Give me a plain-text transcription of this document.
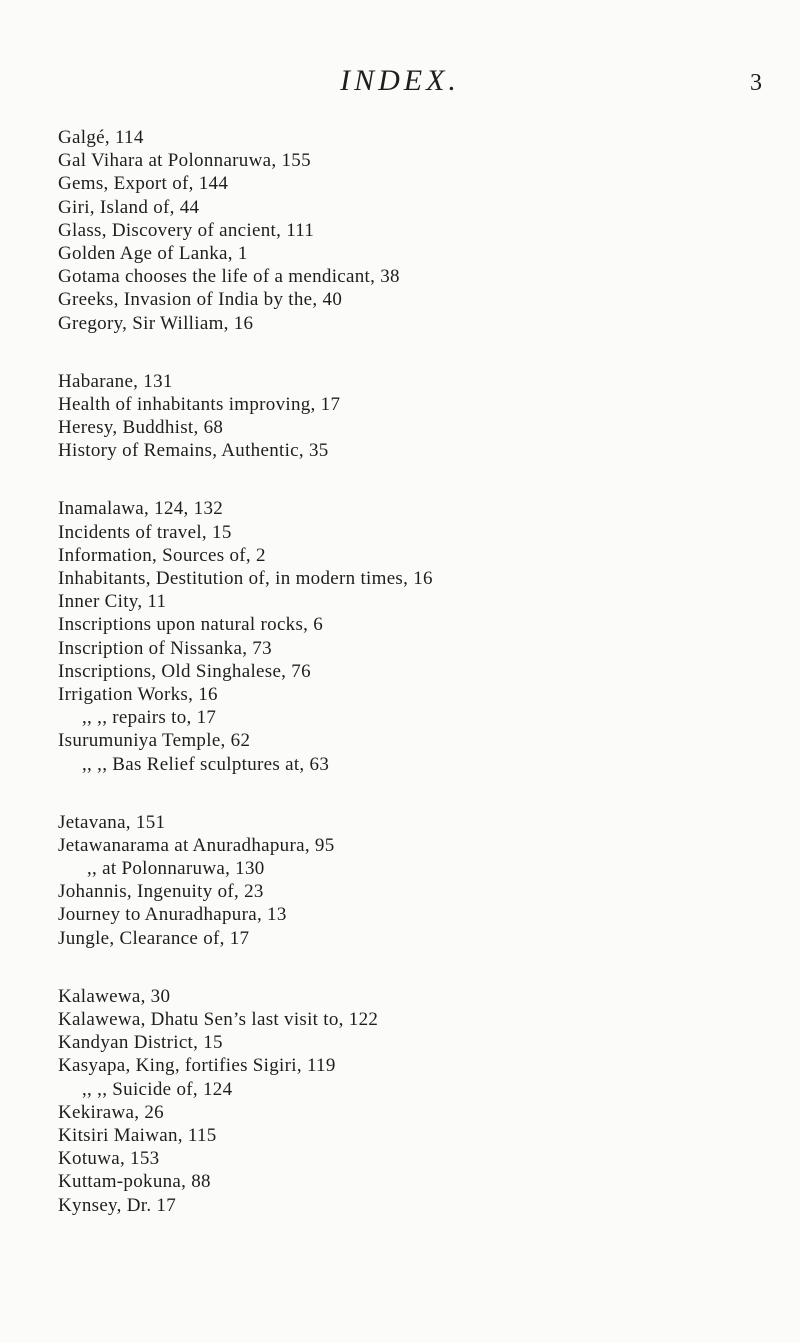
INDEX.	3
Galgé, 114
Gal Vihara at Polonnaruwa, 155
Gems, Export of, 144
Giri, Island of, 44
Glass, Discovery of ancient, 111
Golden Age of Lanka, 1
Gotama chooses the life of a mendicant, 38
Greeks, Invasion of India by the, 40
Gregory, Sir William, 16
Habarane, 131
Health of inhabitants improving, 17
Heresy, Buddhist, 68
History of Remains, Authentic, 35
Inamalawa, 124, 132
Incidents of travel, 15
Information, Sources of, 2
Inhabitants, Destitution of, in modern times, 16
Inner City, 11
Inscriptions upon natural rocks, 6
Inscription of Nissanka, 73
Inscriptions, Old Singhalese, 76
Irrigation Works, 16
,, ,, repairs to, 17
Isurumuniya Temple, 62
,, ,, Bas Relief sculptures at, 63
Jetavana, 151
Jetawanarama at Anuradhapura, 95
,, at Polonnaruwa, 130
Johannis, Ingenuity of, 23
Journey to Anuradhapura, 13
Jungle, Clearance of, 17
Kalawewa, 30
Kalawewa, Dhatu Sen’s last visit to, 122
Kandyan District, 15
Kasyapa, King, fortifies Sigiri, 119
,, ,, Suicide of, 124
Kekirawa, 26
Kitsiri Maiwan, 115
Kotuwa, 153
Kuttam-pokuna, 88
Kynsey, Dr. 17
